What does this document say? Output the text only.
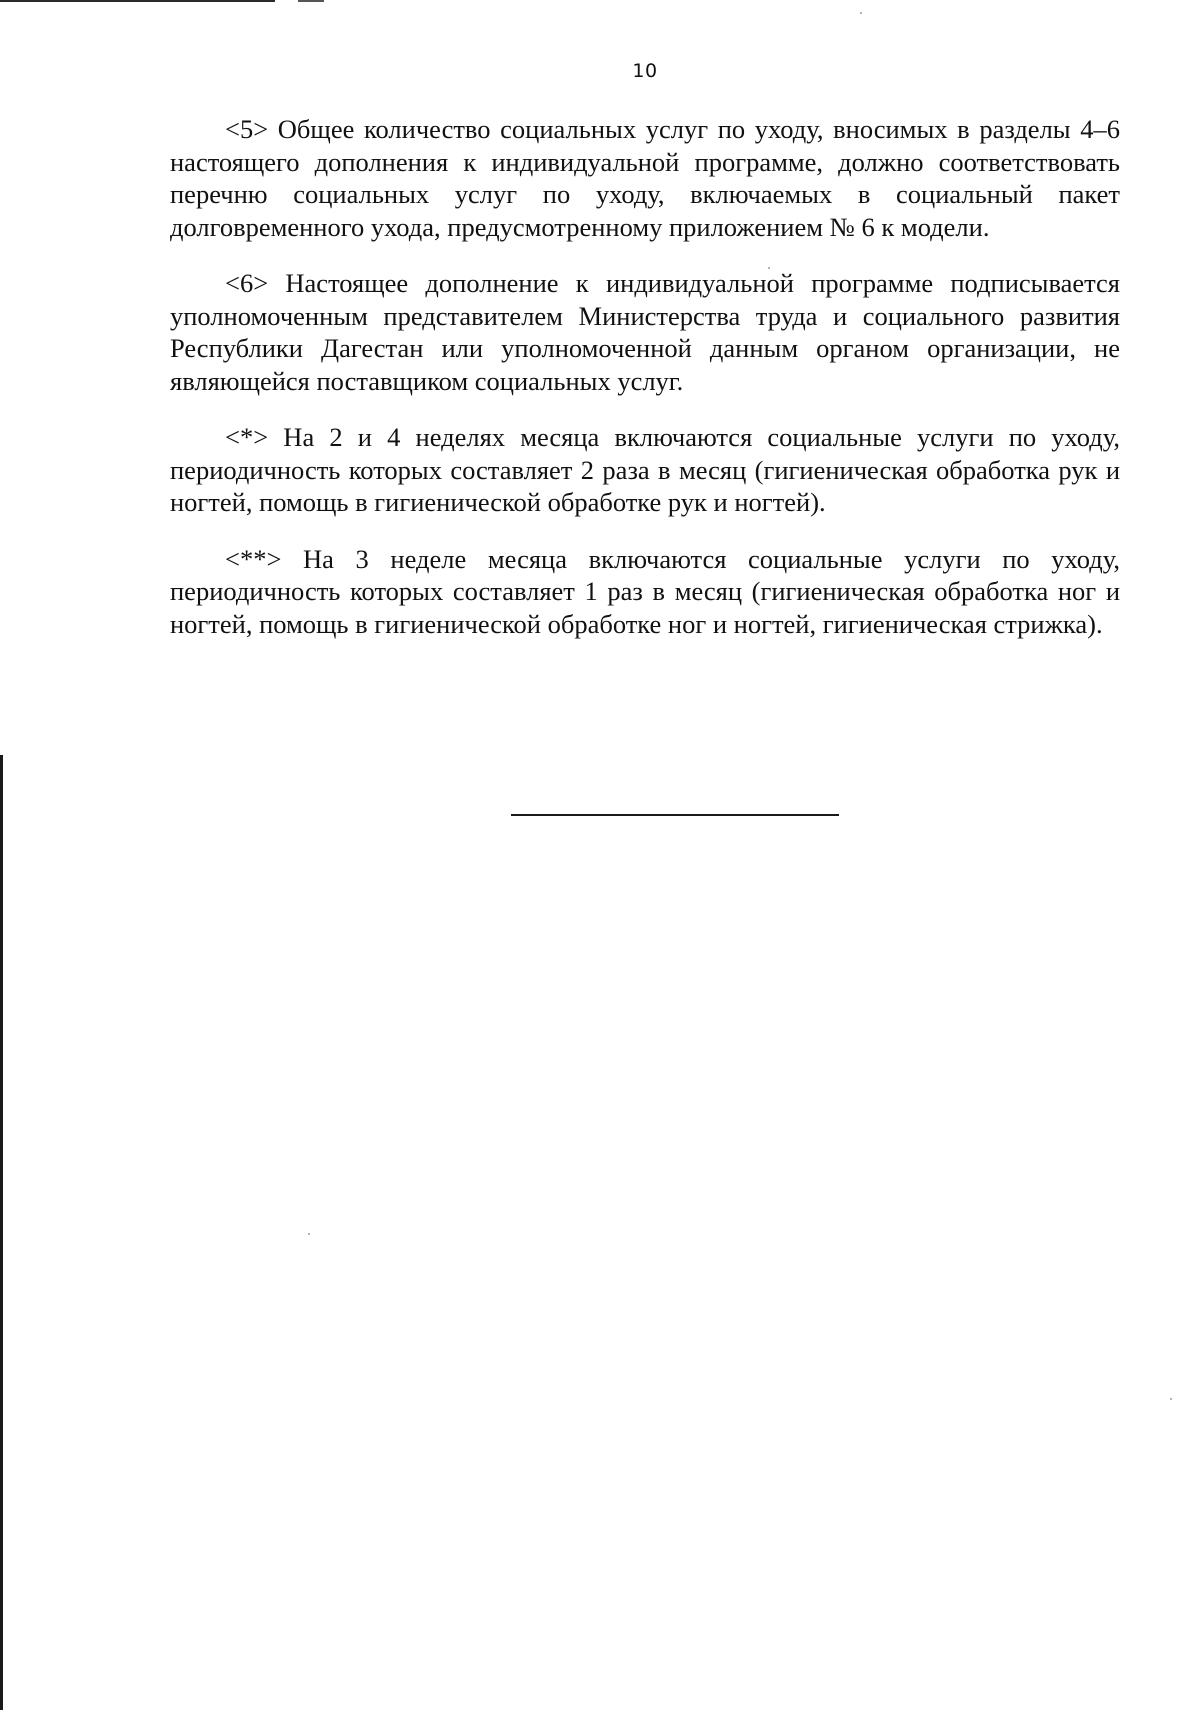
10

<5> Общее количество социальных услуг по уходу, вносимых в разделы 4–6 настоящего дополнения к индивидуальной программе, должно соответствовать перечню социальных услуг по уходу, включаемых в социальный пакет долговременного ухода, предусмотренному приложением № 6 к модели.

<6> Настоящее дополнение к индивидуальной программе подписывается уполномоченным представителем Министерства труда и социального развития Республики Дагестан или уполномоченной данным органом организации, не являющейся поставщиком социальных услуг.

<*> На 2 и 4 неделях месяца включаются социальные услуги по уходу, периодичность которых составляет 2 раза в месяц (гигиеническая обработка рук и ногтей, помощь в гигиенической обработке рук и ногтей).

<**> На 3 неделе месяца включаются социальные услуги по уходу, периодичность которых составляет 1 раз в месяц (гигиеническая обработка ног и ногтей, помощь в гигиенической обработке ног и ногтей, гигиеническая стрижка).
